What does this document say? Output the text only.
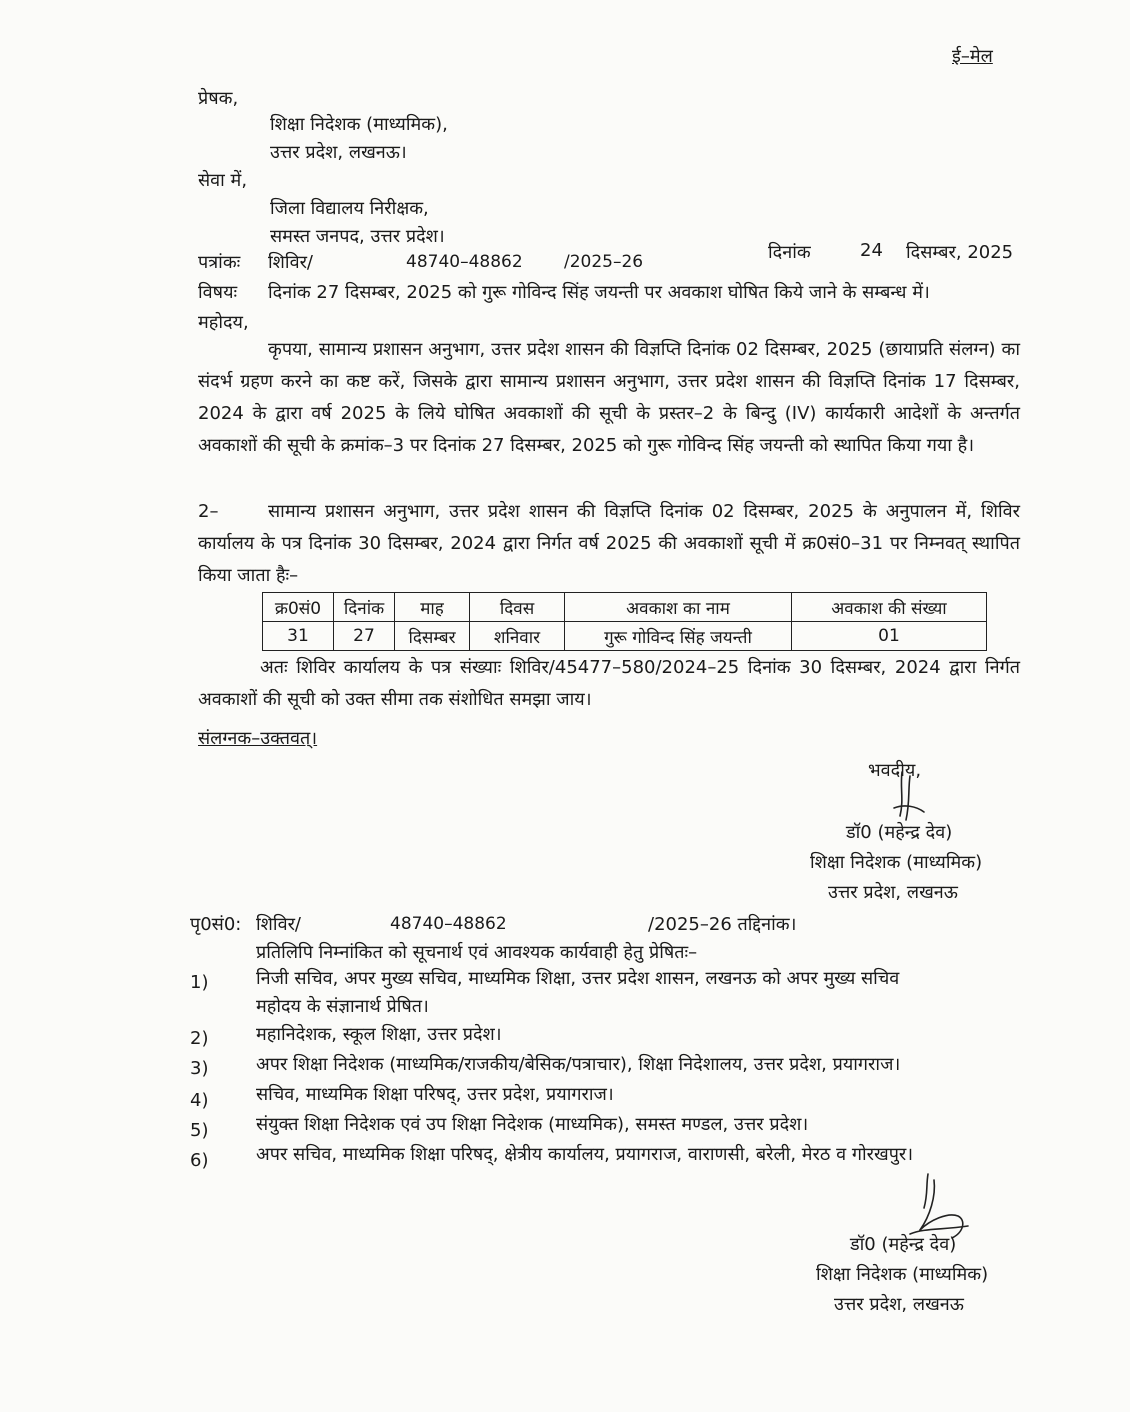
ई–मेल
प्रेषक,
शिक्षा निदेशक (माध्यमिक),
उत्तर प्रदेश, लखनऊ।
सेवा में,
जिला विद्यालय निरीक्षक,
समस्त जनपद, उत्तर प्रदेश।
पत्रांकः शिविर/	48740–48862 /2025–26	दिनांक	24 दिसम्बर, 2025
विषयः दिनांक 27 दिसम्बर, 2025 को गुरू गोविन्द सिंह जयन्ती पर अवकाश घोषित किये जाने के सम्बन्ध में।
महोदय,
कृपया, सामान्य प्रशासन अनुभाग, उत्तर प्रदेश शासन की विज्ञप्ति दिनांक 02 दिसम्बर, 2025 (छायाप्रति संलग्न) का संदर्भ ग्रहण करने का कष्ट करें, जिसके द्वारा सामान्य प्रशासन अनुभाग, उत्तर प्रदेश शासन की विज्ञप्ति दिनांक 17 दिसम्बर, 2024 के द्वारा वर्ष 2025 के लिये घोषित अवकाशों की सूची के प्रस्तर–2 के बिन्दु (IV) कार्यकारी आदेशों के अन्तर्गत अवकाशों की सूची के क्रमांक–3 पर दिनांक 27 दिसम्बर, 2025 को गुरू गोविन्द सिंह जयन्ती को स्थापित किया गया है।
2–	सामान्य प्रशासन अनुभाग, उत्तर प्रदेश शासन की विज्ञप्ति दिनांक 02 दिसम्बर, 2025 के अनुपालन में, शिविर कार्यालय के पत्र दिनांक 30 दिसम्बर, 2024 द्वारा निर्गत वर्ष 2025 की अवकाशों सूची में क्र0सं0–31 पर निम्नवत् स्थापित किया जाता हैः–
क्र0सं0	दिनांक	माह	दिवस	अवकाश का नाम	अवकाश की संख्या
31	27	दिसम्बर	शनिवार	गुरू गोविन्द सिंह जयन्ती	01
अतः शिविर कार्यालय के पत्र संख्याः शिविर/45477–580/2024–25 दिनांक 30 दिसम्बर, 2024 द्वारा निर्गत अवकाशों की सूची को उक्त सीमा तक संशोधित समझा जाय।
संलग्नक–उक्तवत्।
भवदीय,
डॉ0 (महेन्द्र देव)
शिक्षा निदेशक (माध्यमिक)
उत्तर प्रदेश, लखनऊ
पृ0सं0: शिविर/	48740–48862	/2025–26 तद्दिनांक।
प्रतिलिपि निम्नांकित को सूचनार्थ एवं आवश्यक कार्यवाही हेतु प्रेषितः–
1)	निजी सचिव, अपर मुख्य सचिव, माध्यमिक शिक्षा, उत्तर प्रदेश शासन, लखनऊ को अपर मुख्य सचिव
महोदय के संज्ञानार्थ प्रेषित।
2)	महानिदेशक, स्कूल शिक्षा, उत्तर प्रदेश।
3)	अपर शिक्षा निदेशक (माध्यमिक/राजकीय/बेसिक/पत्राचार), शिक्षा निदेशालय, उत्तर प्रदेश, प्रयागराज।
4)	सचिव, माध्यमिक शिक्षा परिषद्, उत्तर प्रदेश, प्रयागराज।
5)	संयुक्त शिक्षा निदेशक एवं उप शिक्षा निदेशक (माध्यमिक), समस्त मण्डल, उत्तर प्रदेश।
6)	अपर सचिव, माध्यमिक शिक्षा परिषद्, क्षेत्रीय कार्यालय, प्रयागराज, वाराणसी, बरेली, मेरठ व गोरखपुर।
डॉ0 (महेन्द्र देव)
शिक्षा निदेशक (माध्यमिक)
उत्तर प्रदेश, लखनऊ
